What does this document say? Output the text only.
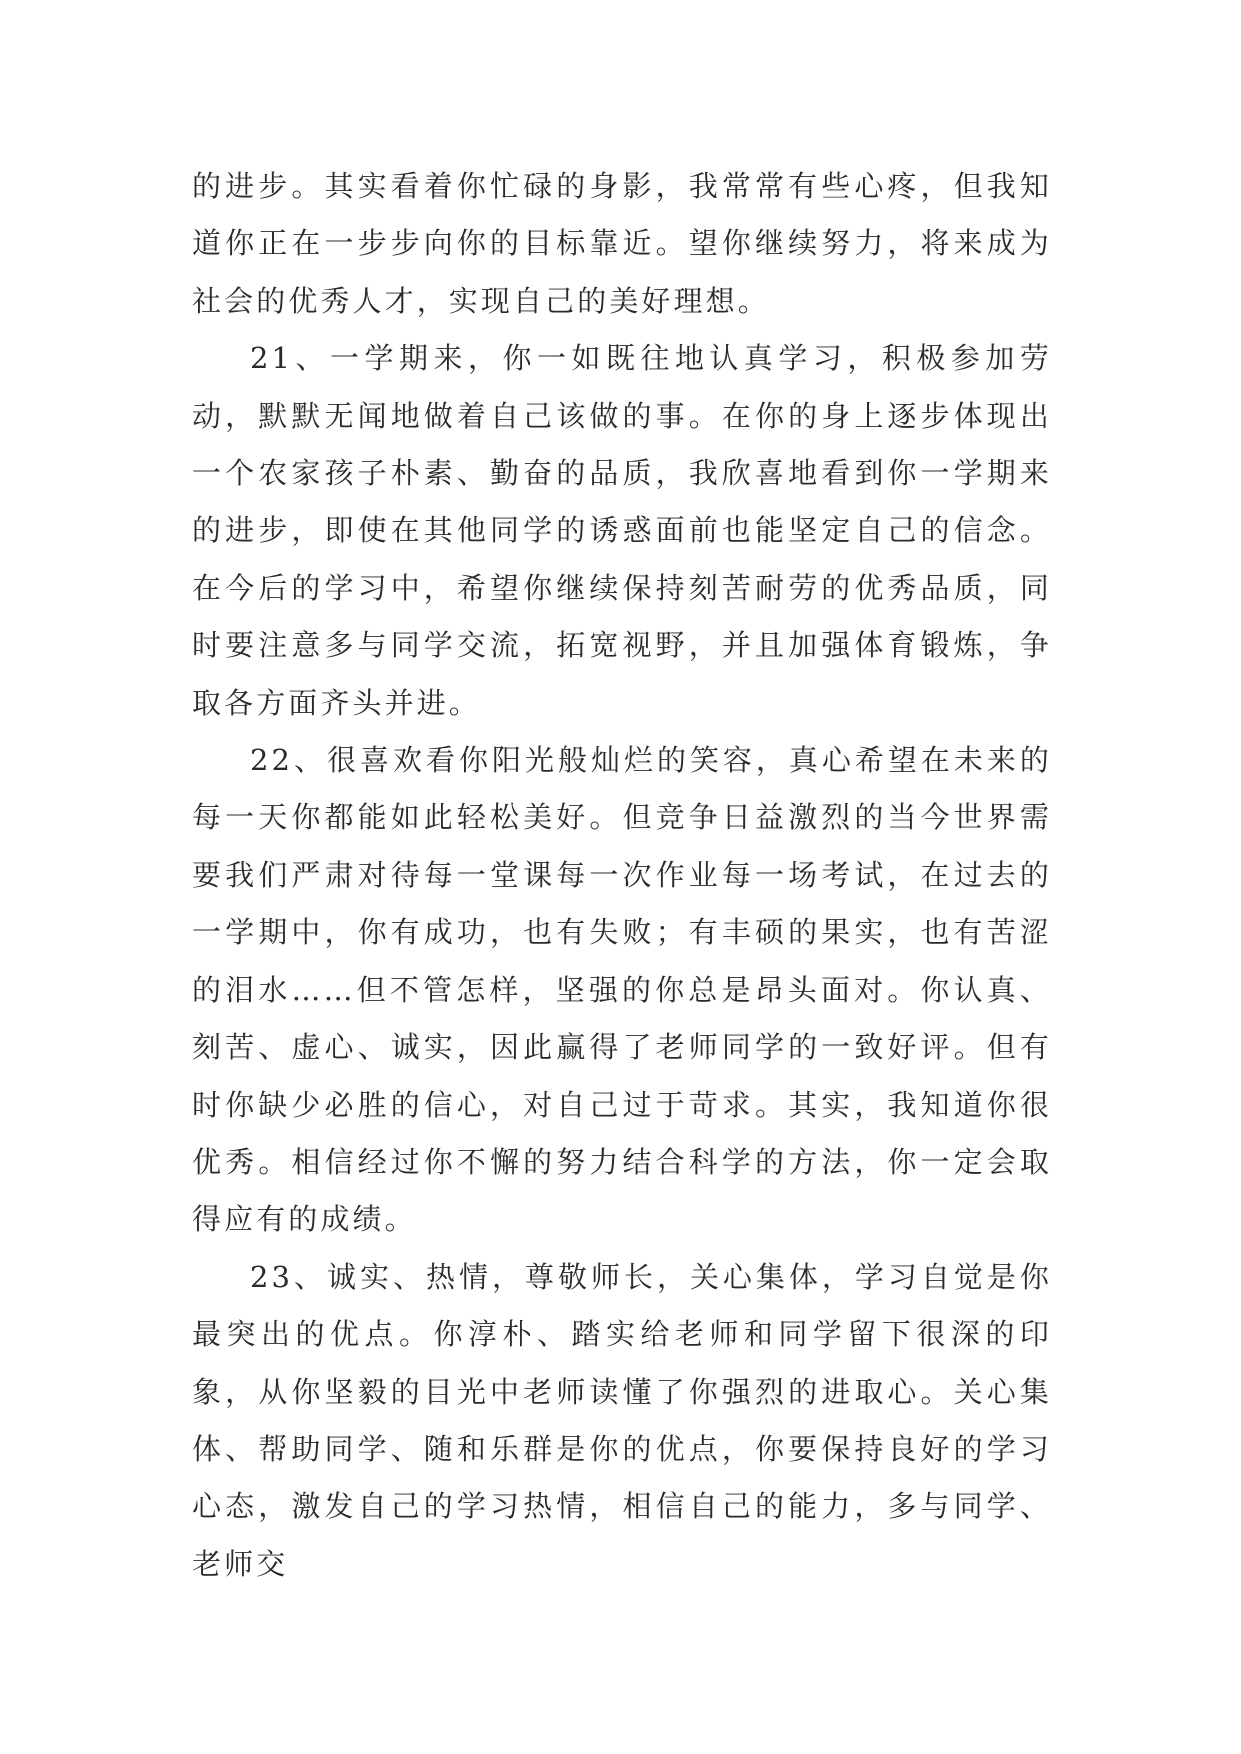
的进步。其实看着你忙碌的身影，我常常有些心疼，但我知道你正在一步步向你的目标靠近。望你继续努力，将来成为社会的优秀人才，实现自己的美好理想。

21、一学期来，你一如既往地认真学习，积极参加劳动，默默无闻地做着自己该做的事。在你的身上逐步体现出一个农家孩子朴素、勤奋的品质，我欣喜地看到你一学期来的进步，即使在其他同学的诱惑面前也能坚定自己的信念。在今后的学习中，希望你继续保持刻苦耐劳的优秀品质，同时要注意多与同学交流，拓宽视野，并且加强体育锻炼，争取各方面齐头并进。

22、很喜欢看你阳光般灿烂的笑容，真心希望在未来的每一天你都能如此轻松美好。但竞争日益激烈的当今世界需要我们严肃对待每一堂课每一次作业每一场考试，在过去的一学期中，你有成功，也有失败；有丰硕的果实，也有苦涩的泪水……但不管怎样，坚强的你总是昂头面对。你认真、刻苦、虚心、诚实，因此赢得了老师同学的一致好评。但有时你缺少必胜的信心，对自己过于苛求。其实，我知道你很优秀。相信经过你不懈的努力结合科学的方法，你一定会取得应有的成绩。

23、诚实、热情，尊敬师长，关心集体，学习自觉是你最突出的优点。你淳朴、踏实给老师和同学留下很深的印象，从你坚毅的目光中老师读懂了你强烈的进取心。关心集体、帮助同学、随和乐群是你的优点，你要保持良好的学习心态，激发自己的学习热情，相信自己的能力，多与同学、老师交
